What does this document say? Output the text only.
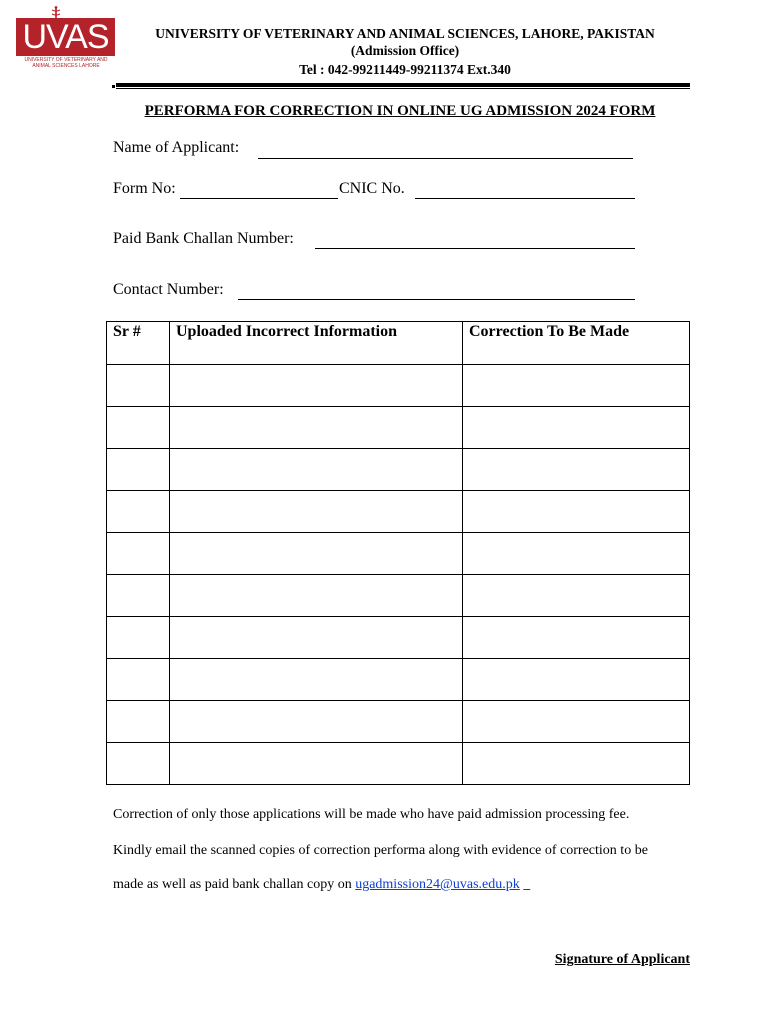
UVAS
UNIVERSITY OF VETERINARY AND
ANIMAL SCIENCES LAHORE
UNIVERSITY OF VETERINARY AND ANIMAL SCIENCES, LAHORE, PAKISTAN
(Admission Office)
Tel : 042-99211449-99211374 Ext.340
PERFORMA FOR CORRECTION IN ONLINE UG ADMISSION 2024 FORM
Name of Applicant:
Form No:	CNIC No.
Paid Bank Challan Number:
Contact Number:
Sr #	Uploaded Incorrect Information	Correction To Be Made

Correction of only those applications will be made who have paid admission processing fee.
Kindly email the scanned copies of correction performa along with evidence of correction to be
made as well as paid bank challan copy on ugadmission24@uvas.edu.pk
Signature of Applicant
